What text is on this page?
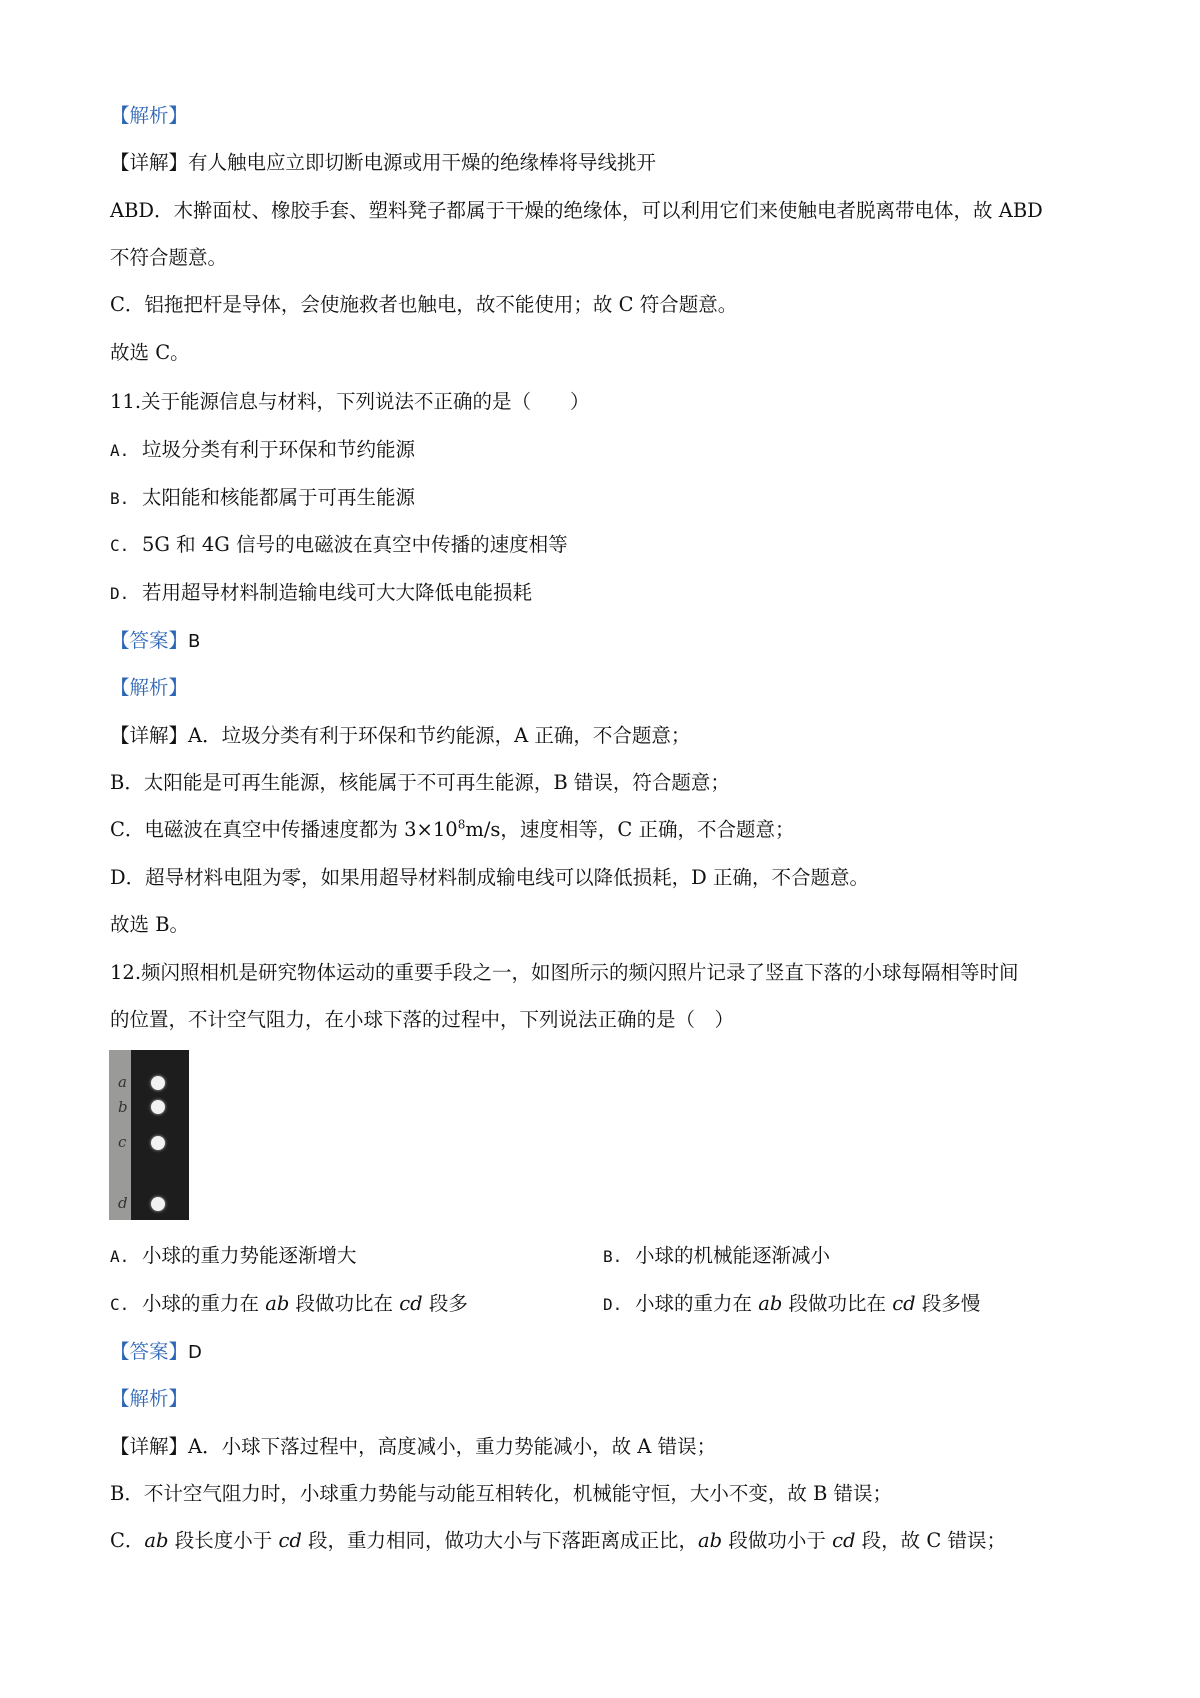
【解析】
【详解】有人触电应立即切断电源或用干燥的绝缘棒将导线挑开
ABD．木擀面杖、橡胶手套、塑料凳子都属于干燥的绝缘体，可以利用它们来使触电者脱离带电体，故 ABD
不符合题意。
C．铝拖把杆是导体，会使施救者也触电，故不能使用；故 C 符合题意。
故选 C。
11.关于能源信息与材料，下列说法不正确的是（　　）
A. 垃圾分类有利于环保和节约能源
B. 太阳能和核能都属于可再生能源
C. 5G 和 4G 信号的电磁波在真空中传播的速度相等
D. 若用超导材料制造输电线可大大降低电能损耗
【答案】B
【解析】
【详解】A．垃圾分类有利于环保和节约能源，A 正确，不合题意；
B．太阳能是可再生能源，核能属于不可再生能源，B 错误，符合题意；
C．电磁波在真空中传播速度都为 $3\times 10^8m/s$，速度相等，C 正确，不合题意；
D．超导材料电阻为零，如果用超导材料制成输电线可以降低损耗，D 正确，不合题意。
故选 B。
12.频闪照相机是研究物体运动的重要手段之一，如图所示的频闪照片记录了竖直下落的小球每隔相等时间
的位置，不计空气阻力，在小球下落的过程中，下列说法正确的是（　）
a
b
c
d
A. 小球的重力势能逐渐增大	B. 小球的机械能逐渐减小
C. 小球的重力在 ab 段做功比在 cd 段多	D. 小球的重力在 ab 段做功比在 cd 段多慢
【答案】D
【解析】
【详解】A．小球下落过程中，高度减小，重力势能减小，故 A 错误；
B．不计空气阻力时，小球重力势能与动能互相转化，机械能守恒，大小不变，故 B 错误；
C．ab 段长度小于 cd 段，重力相同，做功大小与下落距离成正比，ab 段做功小于 cd 段，故 C 错误；
